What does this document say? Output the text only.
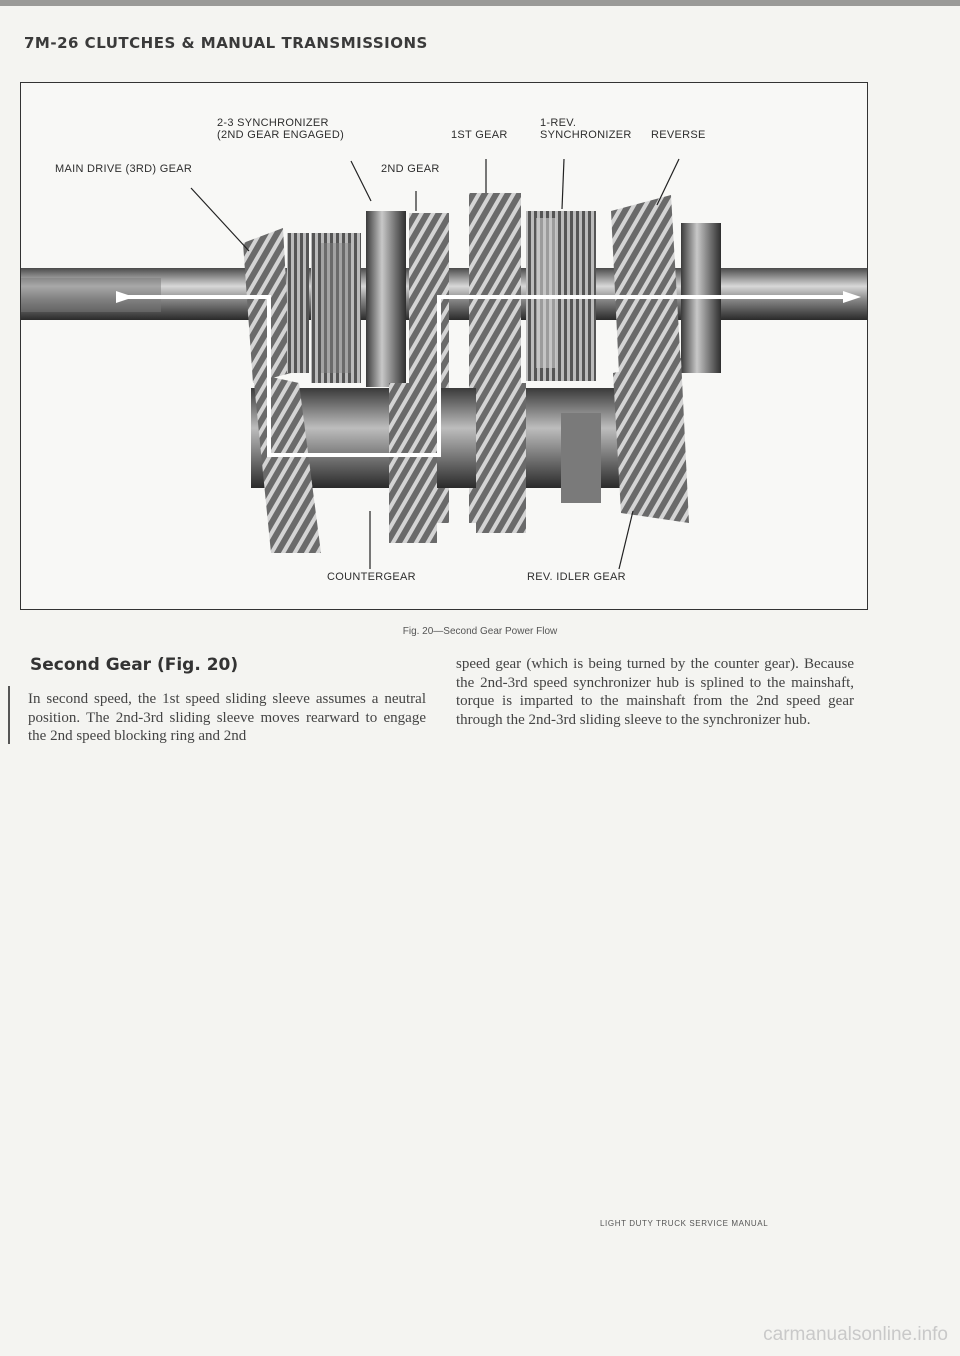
7M-26 CLUTCHES & MANUAL TRANSMISSIONS
2-3 SYNCHRONIZER
(2ND GEAR ENGAGED)	1ST GEAR
1-REV.
SYNCHRONIZER REVERSE
MAIN DRIVE (3RD) GEAR	2ND GEAR
COUNTERGEAR	REV. IDLER GEAR
Fig. 20—Second Gear Power Flow
Second Gear (Fig. 20)

In second speed, the 1st speed sliding sleeve assumes a neutral position. The 2nd-3rd sliding sleeve moves rearward to engage the 2nd speed blocking ring and 2nd

speed gear (which is being turned by the counter gear). Because the 2nd-3rd speed synchronizer hub is splined to the mainshaft, torque is imparted to the mainshaft from the 2nd speed gear through the 2nd-3rd sliding sleeve to the synchronizer hub.

LIGHT DUTY TRUCK SERVICE MANUAL
carmanualsonline.info
